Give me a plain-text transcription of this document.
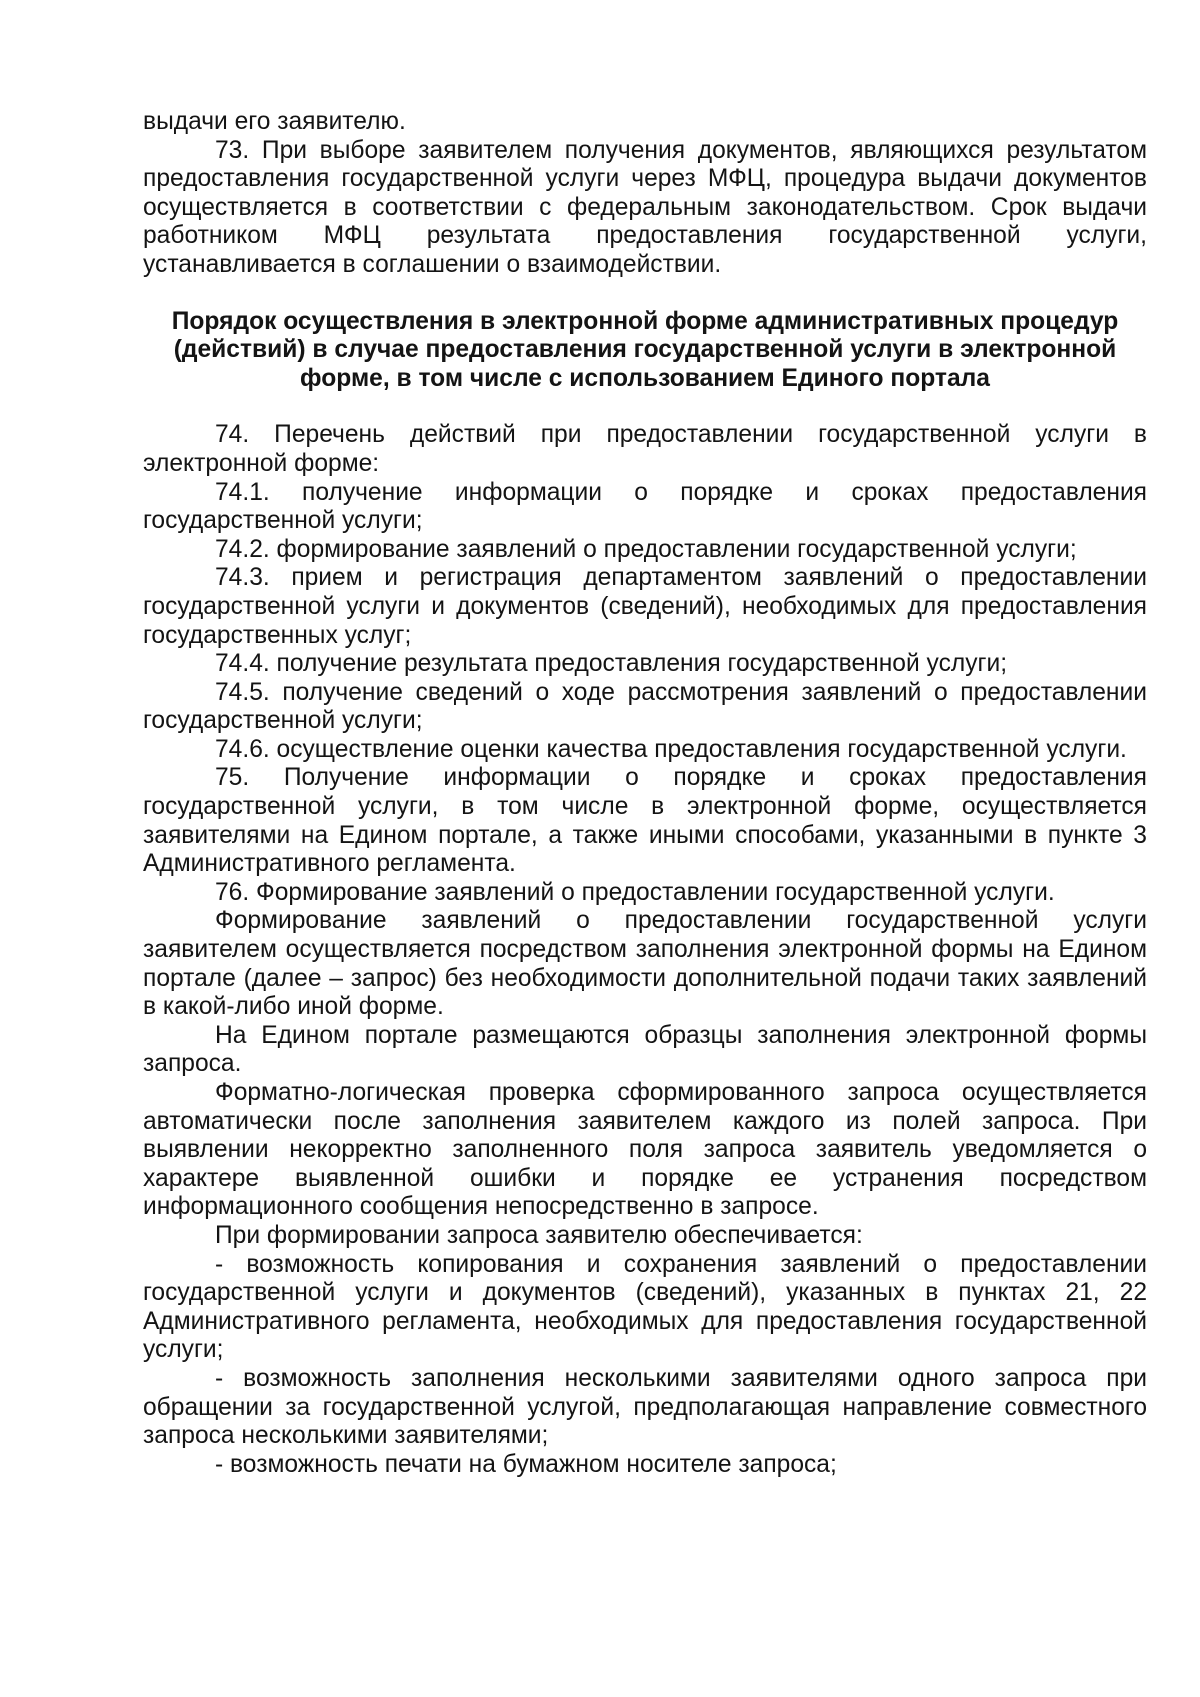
выдачи его заявителю.

73. При выборе заявителем получения документов, являющихся результатом предоставления государственной услуги через МФЦ, процедура выдачи документов осуществляется в соответствии с федеральным законодательством. Срок выдачи работником МФЦ результата предоставления государственной услуги, устанавливается в соглашении о взаимодействии.

Порядок осуществления в электронной форме административных процедур (действий) в случае предоставления государственной услуги в электронной форме, в том числе с использованием Единого портала

74. Перечень действий при предоставлении государственной услуги в электронной форме:

74.1. получение информации о порядке и сроках предоставления государственной услуги;

74.2. формирование заявлений о предоставлении государственной услуги;

74.3. прием и регистрация департаментом заявлений о предоставлении государственной услуги и документов (сведений), необходимых для предоставления государственных услуг;

74.4. получение результата предоставления государственной услуги;

74.5. получение сведений о ходе рассмотрения заявлений о предоставлении государственной услуги;

74.6. осуществление оценки качества предоставления государственной услуги.

75. Получение информации о порядке и сроках предоставления государственной услуги, в том числе в электронной форме, осуществляется заявителями на Едином портале, а также иными способами, указанными в пункте 3 Административного регламента.

76. Формирование заявлений о предоставлении государственной услуги.

Формирование заявлений о предоставлении государственной услуги заявителем осуществляется посредством заполнения электронной формы на Едином портале (далее – запрос) без необходимости дополнительной подачи таких заявлений в какой-либо иной форме.

На Едином портале размещаются образцы заполнения электронной формы запроса.

Форматно-логическая проверка сформированного запроса осуществляется автоматически после заполнения заявителем каждого из полей запроса. При выявлении некорректно заполненного поля запроса заявитель уведомляется о характере выявленной ошибки и порядке ее устранения посредством информационного сообщения непосредственно в запросе.

При формировании запроса заявителю обеспечивается:

- возможность копирования и сохранения заявлений о предоставлении государственной услуги и документов (сведений), указанных в пунктах 21, 22 Административного регламента, необходимых для предоставления государственной услуги;

- возможность заполнения несколькими заявителями одного запроса при обращении за государственной услугой, предполагающая направление совместного запроса несколькими заявителями;

- возможность печати на бумажном носителе запроса;
